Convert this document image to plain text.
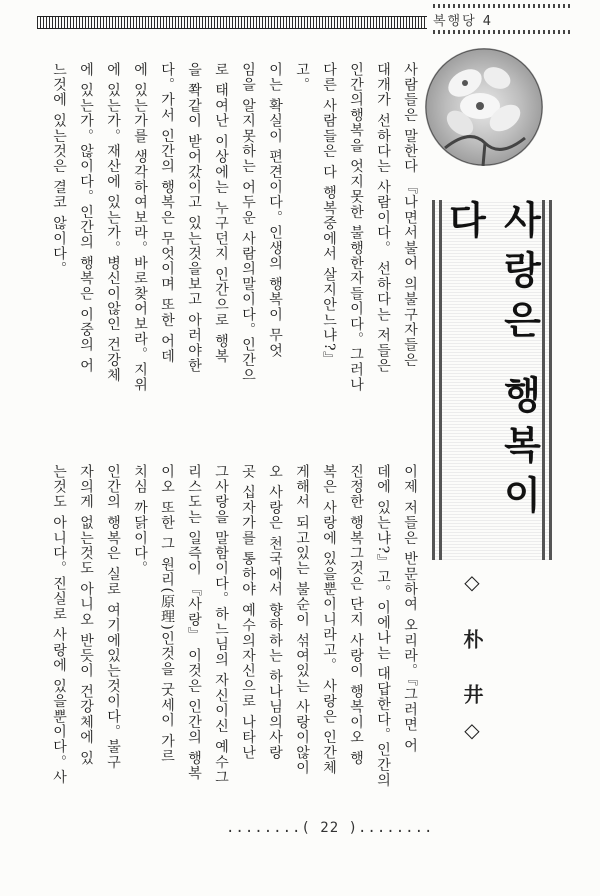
복행당 4
사랑은 행복이다
◇ 朴 井◇
사람들은 말한다 『나면서불어 의불구자들은
대개가 선하다는 사람이다。 선하다는 저들은
인간의행복을 엇지못한 불행한자들이다。그러나
다른 사람들은 다 행복중에서 살지안느냐?』
고。
이는 확실이 편견이다。인생의 행복이 무엇
임을 알지못하는 어두운 사람의말이다。인간으
로 태여난 이상에는 누구던지 인간으로 행복
을 쫙같이 받어갔이고 있는것을보고 아러야한
다。가서 인간의 행복은 무엇이며 또한 어데
에 있는가를 생각하여보라。바로찾어보라。지위
에 있는가。재산에 있는가。병신이않인 건강체
에 있는가。않이다。인간의 행복은 이중의 어
느것에 있는것은 결코 않이다。
이제 저들은 반문하여 오리라。『그러면 어
데에 있는냐?』고。이에나는 대답한다。인간의
진정한 행복그것은 단지 사랑이 행복이오 행
복은 사랑에 있을뿐이니라고。 사랑은 인간체
게해서 되고있는 불순이 섞여있는 사랑이않이
오 사랑은 천국에서 향하하는 하나님의사랑
곳 십자가를 통하야 예수의자신으로 나타난
그사랑을 말함이다。하느님의 자신이신 예수그
리스도는 일즉이 『사랑』 이것은 인간의 행복
이오 또한 그 원리(原理)인것을 굿세이 가르
치심 까닭이다。
인간의 행복은 실로 여기에있는것이다。불구
자의게 없는것도 아니오 반듯이 건강체에 있
는것도 아니다。진실로 사랑에 있을뿐이다。사
........( 22 )........
